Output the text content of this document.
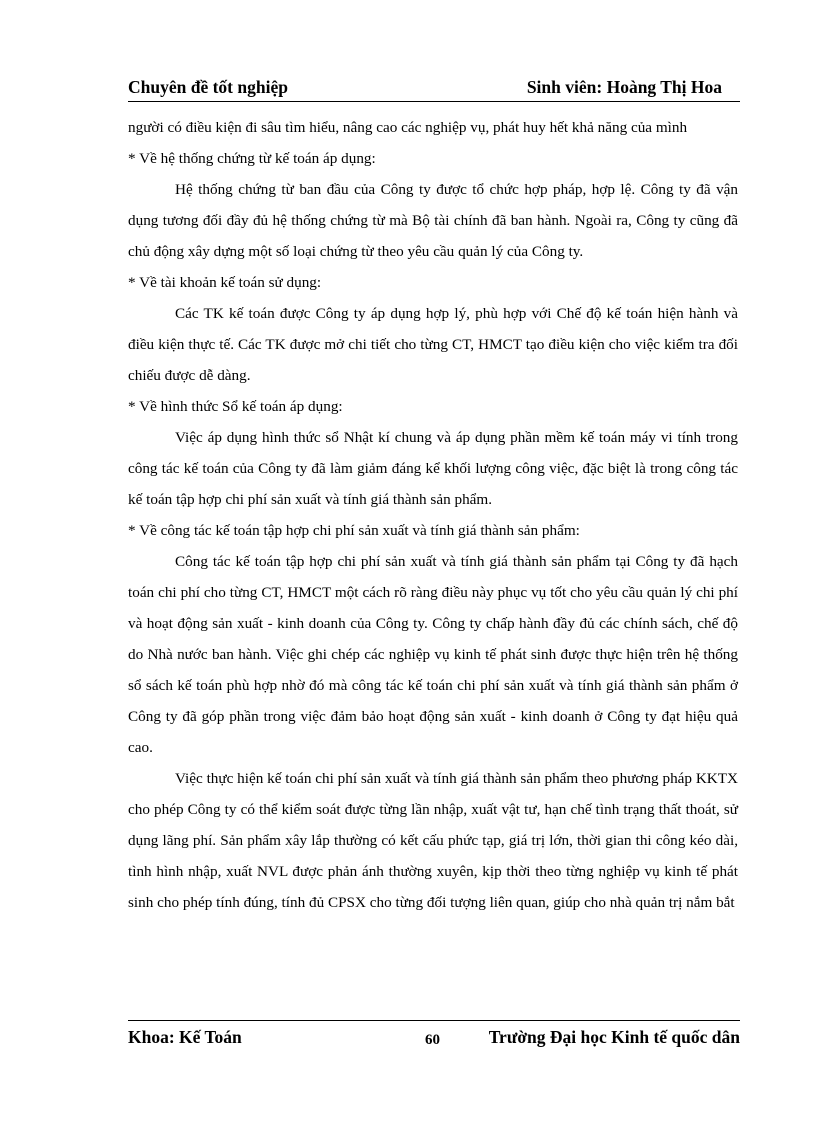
Chuyên đề tốt nghiệp	Sinh viên: Hoàng Thị Hoa

người có điều kiện đi sâu tìm hiểu, nâng cao các nghiệp vụ, phát huy hết khả năng của mình

* Về hệ thống chứng từ kế toán áp dụng:

Hệ thống chứng từ ban đầu của Công ty được tổ chức hợp pháp, hợp lệ. Công ty đã vận dụng tương đối đầy đủ hệ thống chứng từ mà Bộ tài chính đã ban hành. Ngoài ra, Công ty cũng đã chủ động xây dựng một số loại chứng từ theo yêu cầu quản lý của Công ty.

* Về tài khoản kế toán sử dụng:

Các TK kế toán được Công ty áp dụng hợp lý, phù hợp với Chế độ kế toán hiện hành và điều kiện thực tế. Các TK được mở chi tiết cho từng CT, HMCT tạo điều kiện cho việc kiểm tra đối chiếu được dễ dàng.

* Về hình thức Sổ kế toán áp dụng:

Việc áp dụng hình thức sổ Nhật kí chung và áp dụng phần mềm kế toán máy vi tính trong công tác kế toán của Công ty đã làm giảm đáng kể khối lượng công việc, đặc biệt là trong công tác kế toán tập hợp chi phí sản xuất và tính giá thành sản phẩm.

* Về công tác kế toán tập hợp chi phí sản xuất và tính giá thành sản phẩm:

Công tác kế toán tập hợp chi phí sản xuất và tính giá thành sản phẩm tại Công ty đã hạch toán chi phí cho từng CT, HMCT một cách rõ ràng điều này phục vụ tốt cho yêu cầu quản lý chi phí và hoạt động sản xuất - kinh doanh của Công ty. Công ty chấp hành đầy đủ các chính sách, chế độ do Nhà nước ban hành. Việc ghi chép các nghiệp vụ kinh tế phát sinh được thực hiện trên hệ thống sổ sách kế toán phù hợp nhờ đó mà công tác kế toán chi phí sản xuất và tính giá thành sản phẩm ở Công ty đã góp phần trong việc đảm bảo hoạt động sản xuất - kinh doanh ở Công ty đạt hiệu quả cao.

Việc thực hiện kế toán chi phí sản xuất và tính giá thành sản phẩm theo phương pháp KKTX cho phép Công ty có thể kiểm soát được từng lần nhập, xuất vật tư, hạn chế tình trạng thất thoát, sử dụng lãng phí. Sản phẩm xây lắp thường có kết cấu phức tạp, giá trị lớn, thời gian thi công kéo dài, tình hình nhập, xuất NVL được phản ánh thường xuyên, kịp thời theo từng nghiệp vụ kinh tế phát sinh cho phép tính đúng, tính đủ CPSX cho từng đối tượng liên quan, giúp cho nhà quản trị nắm bắt

Khoa: Kế Toán	60	Trường Đại học Kinh tế quốc dân
